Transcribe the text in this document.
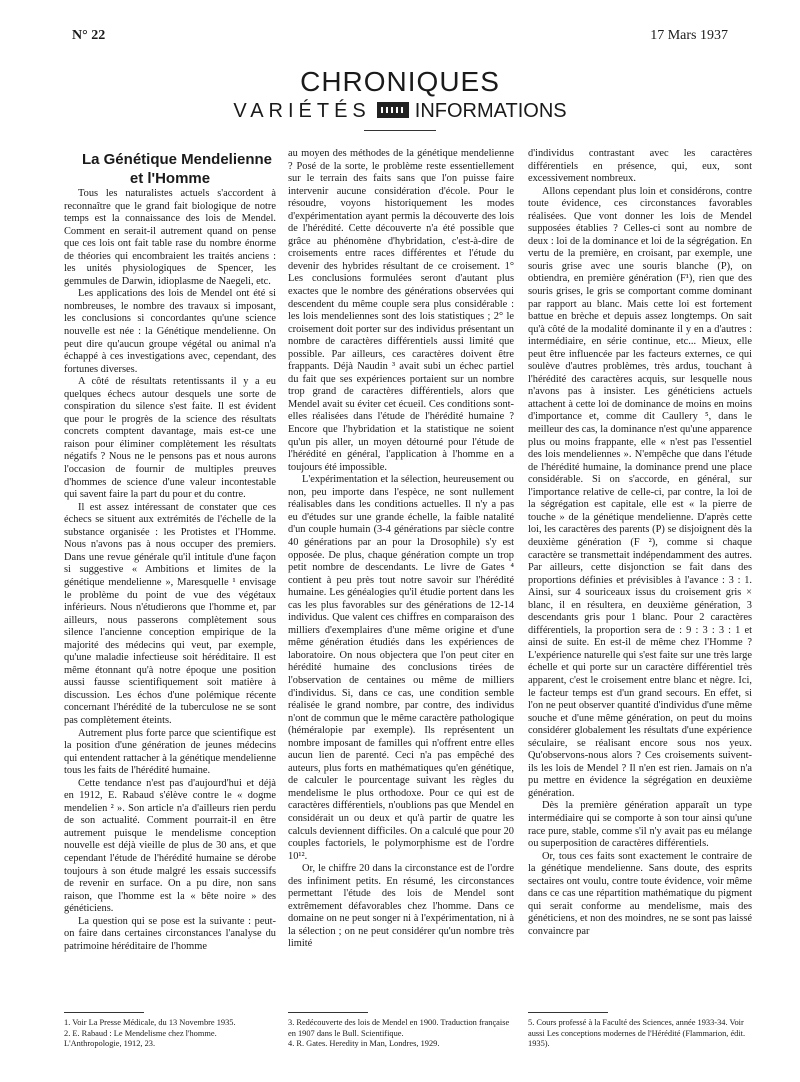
N° 22	17 Mars 1937
CHRONIQUES
VARIÉTÉS INFORMATIONS

La Génétique Mendelienne
et l'Homme

Tous les naturalistes actuels s'accordent à reconnaître que le grand fait biologique de notre temps est la connaissance des lois de Mendel. Comment en serait-il autrement quand on pense que ces lois ont fait table rase du nombre énorme de théories qui encombraient les traités anciens : les unités physiologiques de Spencer, les gemmules de Darwin, idioplasme de Naegeli, etc.

Les applications des lois de Mendel ont été si nombreuses, le nombre des travaux si imposant, les conclusions si concordantes qu'une science nouvelle est née : la Génétique mendelienne. On peut dire qu'aucun groupe végétal ou animal n'a échappé à ces investigations avec, cependant, des fortunes diverses.

A côté de résultats retentissants il y a eu quelques échecs autour desquels une sorte de conspiration du silence s'est faite. Il est évident que pour le progrès de la science des résultats concrets comptent davantage, mais est-ce une raison pour éliminer complètement les résultats négatifs ? Nous ne le pensons pas et nous aurons l'occasion de fournir de multiples preuves d'hommes de science d'une valeur incontestable qui savent faire la part du pour et du contre.

Il est assez intéressant de constater que ces échecs se situent aux extrémités de l'échelle de la substance organisée : les Protistes et l'Homme. Nous n'avons pas à nous occuper des premiers. Dans une revue générale qu'il intitule d'une façon si suggestive « Ambitions et limites de la génétique mendelienne », Maresquelle ¹ envisage le problème du point de vue des végétaux inférieurs. Nous n'étudierons que l'homme et, par ailleurs, nous passerons complètement sous silence l'ancienne conception empirique de la majorité des médecins qui veut, par exemple, qu'une maladie infectieuse soit héréditaire. Il est même étonnant qu'à notre époque une position aussi fausse scientifiquement soit matière à discussion. Les échos d'une polémique récente concernant l'hérédité de la tuberculose ne se sont pas complètement éteints.

Autrement plus forte parce que scientifique est la position d'une génération de jeunes médecins qui entendent rattacher à la génétique mendelienne tous les faits de l'hérédité humaine.

Cette tendance n'est pas d'aujourd'hui et déjà en 1912, E. Rabaud s'élève contre le « dogme mendelien ² ». Son article n'a d'ailleurs rien perdu de son actualité. Comment pourrait-il en être autrement puisque le mendelisme conception nouvelle est déjà vieille de plus de 30 ans, et que cependant l'étude de l'hérédité humaine se dérobe toujours à son étude malgré les essais successifs de revenir en surface. On a pu dire, non sans raison, que l'homme est la « bête noire » des généticiens.

La question qui se pose est la suivante : peut-on faire dans certaines circonstances l'analyse du patrimoine héréditaire de l'homme

au moyen des méthodes de la génétique mendelienne ? Posé de la sorte, le problème reste essentiellement sur le terrain des faits sans que l'on puisse faire intervenir aucune considération d'école. Pour le résoudre, voyons historiquement les modes d'expérimentation ayant permis la découverte des lois de l'hérédité. Cette découverte n'a été possible que grâce au phénomène d'hybridation, c'est-à-dire de croisements entre races différentes et l'étude du devenir des hybrides résultant de ce croisement. 1° Les conclusions formulées seront d'autant plus exactes que le nombre des générations observées qui descendent du même couple sera plus considérable : les lois mendeliennes sont des lois statistiques ; 2° le croisement doit porter sur des individus présentant un nombre de caractères différentiels aussi limité que possible. Par ailleurs, ces caractères doivent être frappants. Déjà Naudin ³ avait subi un échec partiel du fait que ses expériences portaient sur un nombre trop grand de caractères différentiels, alors que Mendel avait su éviter cet écueil. Ces conditions sont-elles réalisées dans l'étude de l'hérédité humaine ? Encore que l'hybridation et la statistique ne soient qu'un pis aller, un moyen détourné pour l'étude de l'hérédité en général, l'application à l'homme en a toujours été impossible.

L'expérimentation et la sélection, heureusement ou non, peu importe dans l'espèce, ne sont nullement réalisables dans les conditions actuelles. Il n'y a pas eu d'études sur une grande échelle, la faible natalité d'un couple humain (3-4 générations par siècle contre 40 générations par an pour la Drosophile) s'y est opposée. De plus, chaque génération compte un trop petit nombre de descendants. Le livre de Gates ⁴ contient à peu près tout notre savoir sur l'hérédité humaine. Les généalogies qu'il étudie portent dans les cas les plus favorables sur des générations de 12-14 individus. Que valent ces chiffres en comparaison des milliers d'exemplaires d'une même origine et d'une même génération étudiés dans les expériences de laboratoire. On nous objectera que l'on peut citer en hérédité humaine des conclusions tirées de l'observation de centaines ou même de milliers d'individus. Si, dans ce cas, une condition semble réalisée le grand nombre, par contre, des individus n'ont de commun que le même caractère pathologique (héméralopie par exemple). Ils représentent un nombre imposant de familles qui n'offrent entre elles aucun lien de parenté. Ceci n'a pas empêché des auteurs, plus forts en mathématiques qu'en génétique, de calculer le pourcentage suivant les règles du mendelisme le plus orthodoxe. Pour ce qui est de caractères différentiels, n'oublions pas que Mendel en considérait un ou deux et qu'à partir de quatre les calculs deviennent difficiles. On a calculé que pour 20 couples factoriels, le polymorphisme est de l'ordre 10¹².

Or, le chiffre 20 dans la circonstance est de l'ordre des infiniment petits. En résumé, les circonstances permettant l'étude des lois de Mendel sont extrêmement défavorables chez l'homme. Dans ce domaine on ne peut songer ni à l'expérimentation, ni à la sélection ; on ne peut considérer qu'un nombre très limité

d'individus contrastant avec les caractères différentiels en présence, qui, eux, sont excessivement nombreux.

Allons cependant plus loin et considérons, contre toute évidence, ces circonstances favorables réalisées. Que vont donner les lois de Mendel supposées établies ? Celles-ci sont au nombre de deux : loi de la dominance et loi de la ségrégation. En vertu de la première, en croisant, par exemple, une souris grise avec une souris blanche (P), on obtiendra, en première génération (F¹), rien que des souris grises, le gris se comportant comme dominant par rapport au blanc. Mais cette loi est fortement battue en brèche et depuis assez longtemps. On sait qu'à côté de la modalité dominante il y en a d'autres : intermédiaire, en série continue, etc... Mieux, elle peut être influencée par les facteurs externes, ce qui soulève d'autres problèmes, très ardus, touchant à l'hérédité des caractères acquis, sur lesquelle nous n'avons pas à insister. Les généticiens actuels attachent à cette loi de dominance de moins en moins d'importance et, comme dit Caullery ⁵, dans le meilleur des cas, la dominance n'est qu'une apparence plus ou moins frappante, elle « n'est pas l'essentiel des lois mendeliennes ». N'empêche que dans l'étude de l'hérédité humaine, la dominance prend une place considérable. Si on s'accorde, en général, sur l'importance relative de celle-ci, par contre, la loi de la ségrégation est capitale, elle est « la pierre de touche » de la génétique mendelienne. D'après cette loi, les caractères des parents (P) se disjoignent dès la deuxième génération (F ²), comme si chaque caractère se transmettait indépendamment des autres. Par ailleurs, cette disjonction se fait dans des proportions définies et prévisibles à l'avance : 3 : 1. Ainsi, sur 4 souriceaux issus du croisement gris × blanc, il en résultera, en deuxième génération, 3 descendants gris pour 1 blanc. Pour 2 caractères différentiels, la proportion sera de : 9 : 3 : 3 : 1 et ainsi de suite. En est-il de même chez l'Homme ? L'expérience naturelle qui s'est faite sur une très large échelle et qui porte sur un caractère différentiel très apparent, c'est le croisement entre blanc et nègre. Ici, le facteur temps est d'un grand secours. En effet, si l'on ne peut observer quantité d'individus d'une même souche et d'une même génération, on peut du moins considérer globalement les résultats d'une expérience séculaire, se réalisant encore sous nos yeux. Qu'observons-nous alors ? Ces croisements suivent-ils les lois de Mendel ? Il n'en est rien. Jamais on n'a pu mettre en évidence la ségrégation en deuxième génération.

Dès la première génération apparaît un type intermédiaire qui se comporte à son tour ainsi qu'une race pure, stable, comme s'il n'y avait pas eu mélange ou superposition de caractères différentiels.

Or, tous ces faits sont exactement le contraire de la génétique mendelienne. Sans doute, des esprits sectaires ont voulu, contre toute évidence, voir même dans ce cas une répartition mathématique du pigment qui serait conforme au mendelisme, mais des généticiens, et non des moindres, ne se sont pas laissé convaincre par

1. Voir La Presse Médicale, du 13 Novembre 1935.
2. E. Rabaud : Le Mendelisme chez l'homme. L'Anthropologie, 1912, 23.
3. Redécouverte des lois de Mendel en 1900. Traduction française en 1907 dans le Bull. Scientifique.
4. R. Gates. Heredity in Man, Londres, 1929.
5. Cours professé à la Faculté des Sciences, année 1933-34. Voir aussi Les conceptions modernes de l'Hérédité (Flammarion, édit. 1935).
